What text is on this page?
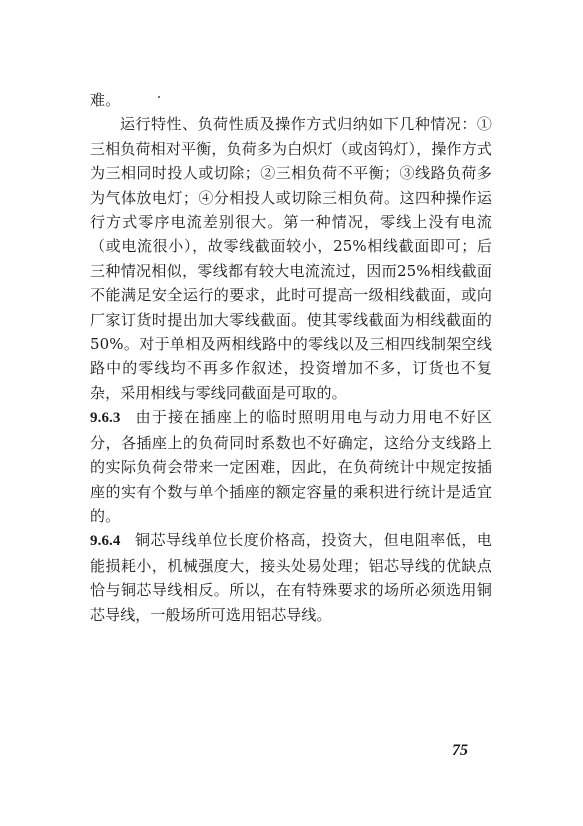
难。

运行特性、负荷性质及操作方式归纳如下几种情况：①三相负荷相对平衡，负荷多为白炽灯（或卤钨灯），操作方式为三相同时投人或切除；②三相负荷不平衡；③线路负荷多为气体放电灯；④分相投人或切除三相负荷。这四种操作运行方式零序电流差别很大。第一种情况，零线上没有电流（或电流很小），故零线截面较小，25%相线截面即可；后三种情况相似，零线都有较大电流流过，因而25%相线截面不能满足安全运行的要求，此时可提高一级相线截面，或向厂家订货时提出加大零线截面。使其零线截面为相线截面的50%。对于单相及两相线路中的零线以及三相四线制架空线路中的零线均不再多作叙述，投资增加不多，订货也不复杂，采用相线与零线同截面是可取的。

9.6.3 由于接在插座上的临时照明用电与动力用电不好区分，各插座上的负荷同时系数也不好确定，这给分支线路上的实际负荷会带来一定困难，因此，在负荷统计中规定按插座的实有个数与单个插座的额定容量的乘积进行统计是适宜的。

9.6.4 铜芯导线单位长度价格高，投资大，但电阻率低，电能损耗小，机械强度大，接头处易处理；铝芯导线的优缺点恰与铜芯导线相反。所以，在有特殊要求的场所必须选用铜芯导线，一般场所可选用铝芯导线。

75
